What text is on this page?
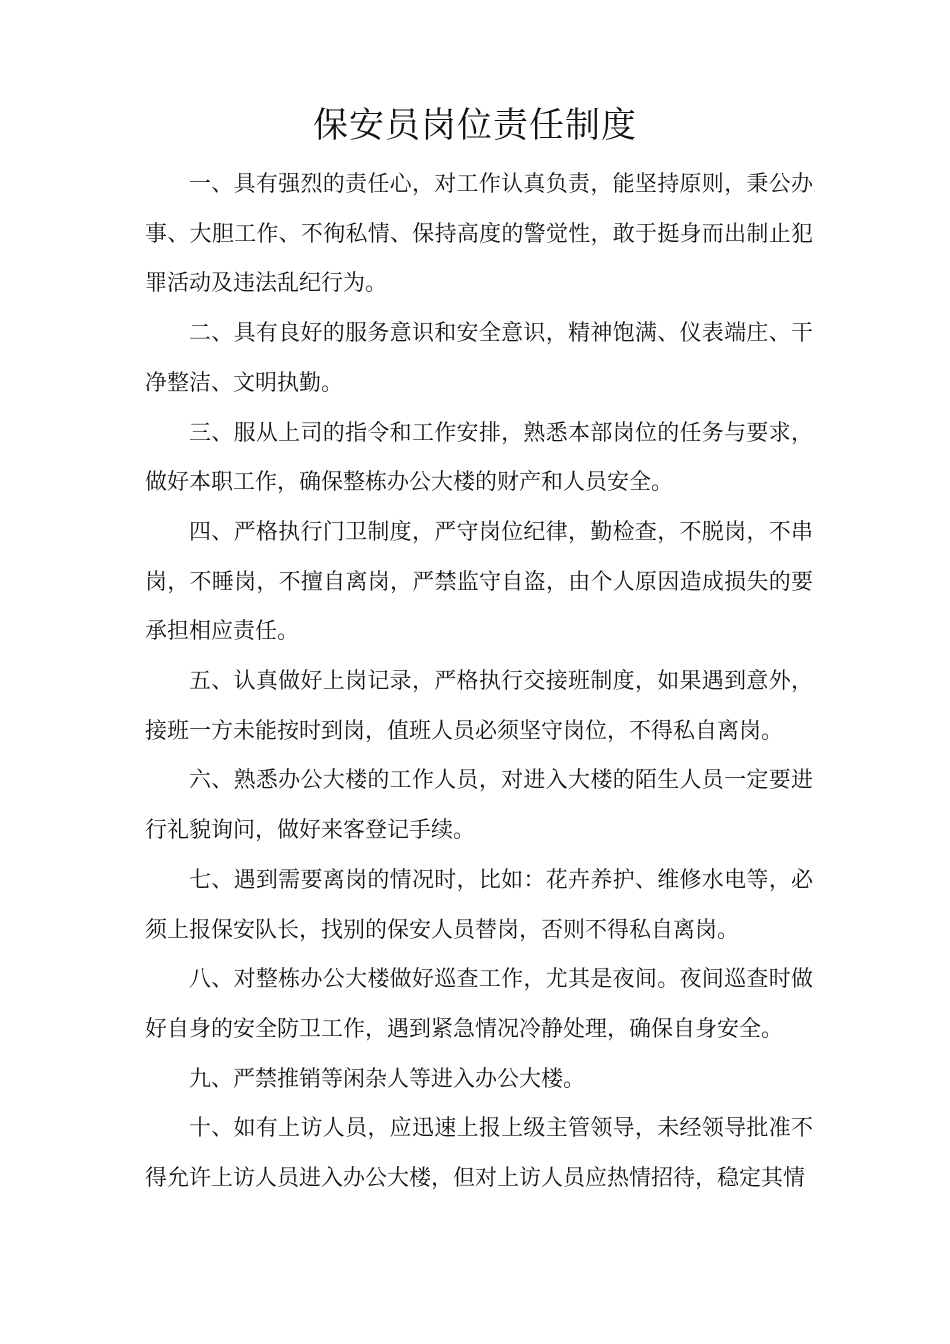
保安员岗位责任制度

一、具有强烈的责任心，对工作认真负责，能坚持原则，秉公办事、大胆工作、不徇私情、保持高度的警觉性，敢于挺身而出制止犯罪活动及违法乱纪行为。

二、具有良好的服务意识和安全意识，精神饱满、仪表端庄、干净整洁、文明执勤。

三、服从上司的指令和工作安排，熟悉本部岗位的任务与要求，做好本职工作，确保整栋办公大楼的财产和人员安全。

四、严格执行门卫制度，严守岗位纪律，勤检查，不脱岗，不串岗，不睡岗，不擅自离岗，严禁监守自盗，由个人原因造成损失的要承担相应责任。

五、认真做好上岗记录，严格执行交接班制度，如果遇到意外，接班一方未能按时到岗，值班人员必须坚守岗位，不得私自离岗。

六、熟悉办公大楼的工作人员，对进入大楼的陌生人员一定要进行礼貌询问，做好来客登记手续。

七、遇到需要离岗的情况时，比如：花卉养护、维修水电等，必须上报保安队长，找别的保安人员替岗，否则不得私自离岗。

八、对整栋办公大楼做好巡查工作，尤其是夜间。夜间巡查时做好自身的安全防卫工作，遇到紧急情况冷静处理，确保自身安全。

九、严禁推销等闲杂人等进入办公大楼。

十、如有上访人员，应迅速上报上级主管领导，未经领导批准不得允许上访人员进入办公大楼，但对上访人员应热情招待，稳定其情
